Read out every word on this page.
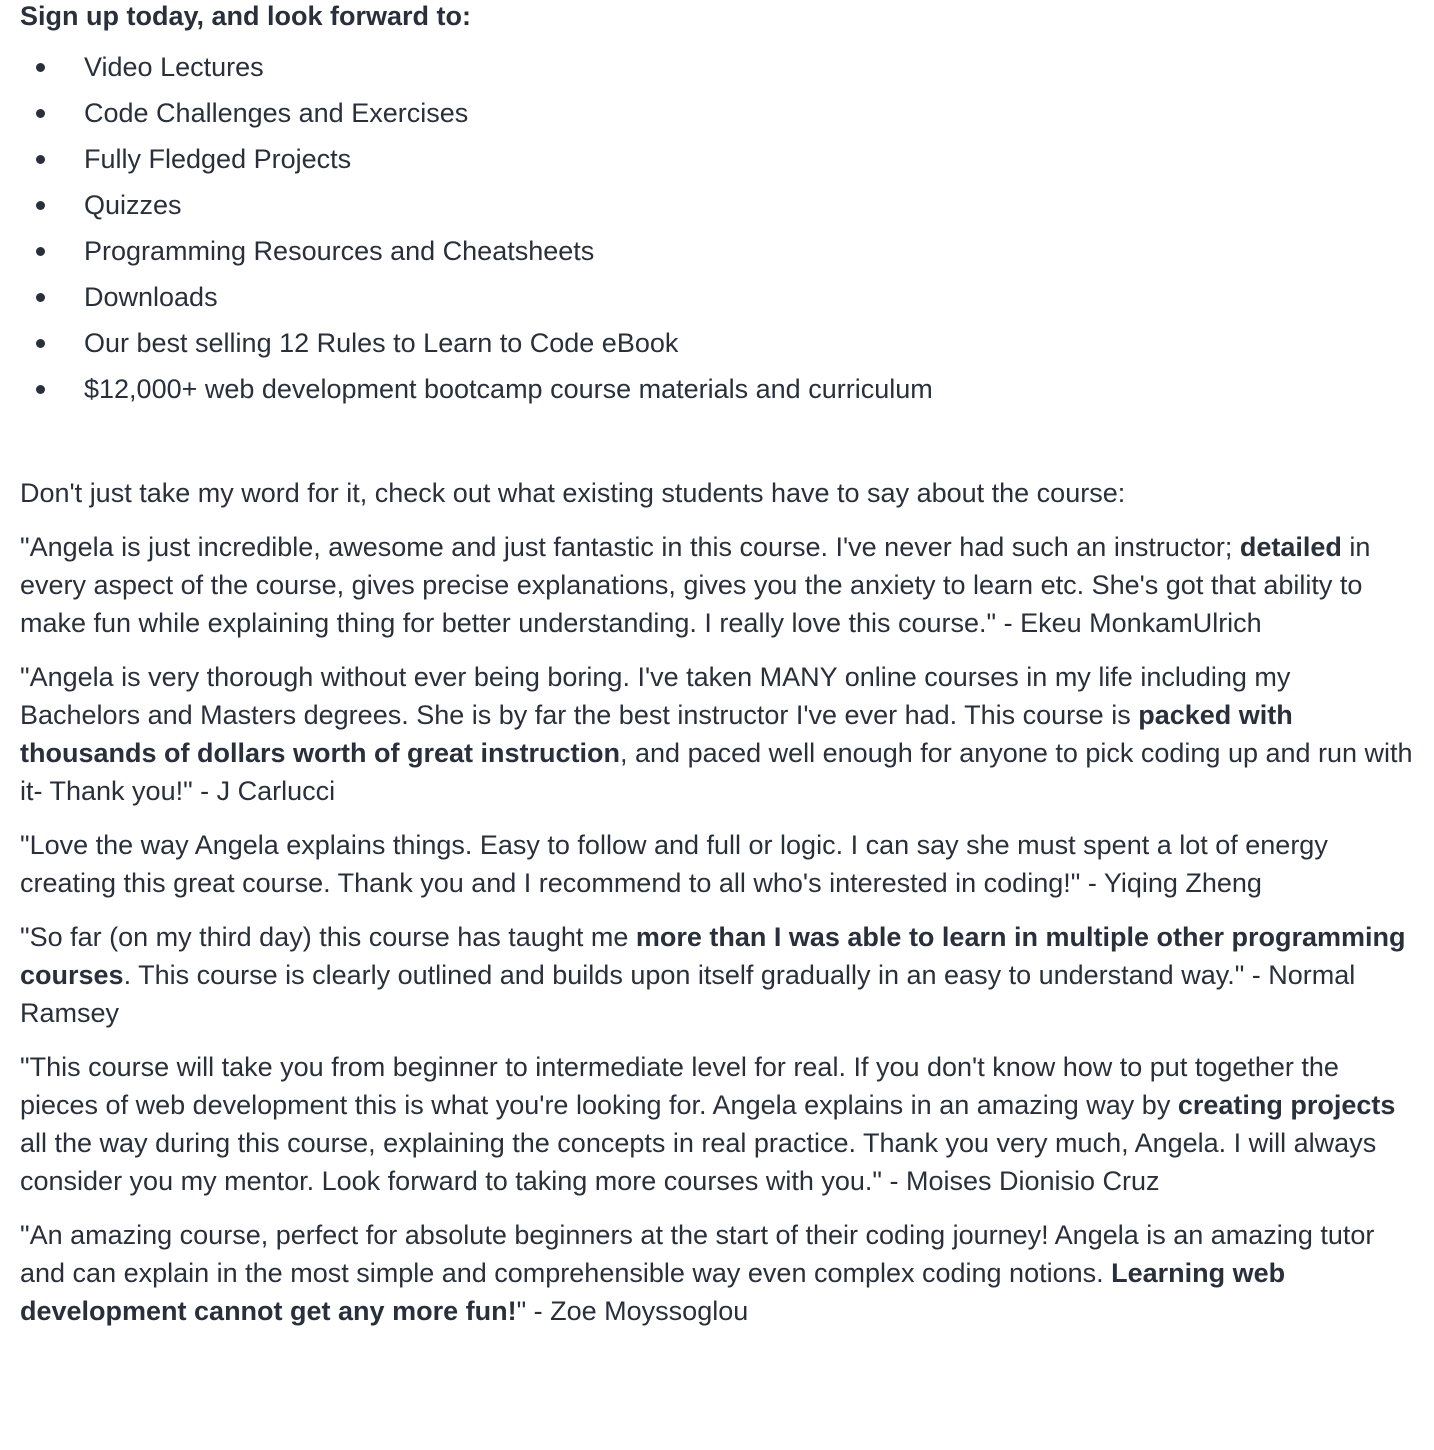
Sign up today, and look forward to:

Video Lectures
Code Challenges and Exercises
Fully Fledged Projects
Quizzes
Programming Resources and Cheatsheets
Downloads
Our best selling 12 Rules to Learn to Code eBook
$12,000+ web development bootcamp course materials and curriculum

Don't just take my word for it, check out what existing students have to say about the course:

"Angela is just incredible, awesome and just fantastic in this course. I've never had such an instructor; detailed in every aspect of the course, gives precise explanations, gives you the anxiety to learn etc. She's got that ability to make fun while explaining thing for better understanding. I really love this course." - Ekeu MonkamUlrich

"Angela is very thorough without ever being boring. I've taken MANY online courses in my life including my Bachelors and Masters degrees. She is by far the best instructor I've ever had. This course is packed with thousands of dollars worth of great instruction, and paced well enough for anyone to pick coding up and run with it- Thank you!" - J Carlucci

"Love the way Angela explains things. Easy to follow and full or logic. I can say she must spent a lot of energy creating this great course. Thank you and I recommend to all who's interested in coding!" - Yiqing Zheng

"So far (on my third day) this course has taught me more than I was able to learn in multiple other programming courses. This course is clearly outlined and builds upon itself gradually in an easy to understand way." - Normal Ramsey

"This course will take you from beginner to intermediate level for real. If you don't know how to put together the pieces of web development this is what you're looking for. Angela explains in an amazing way by creating projects all the way during this course, explaining the concepts in real practice. Thank you very much, Angela. I will always consider you my mentor. Look forward to taking more courses with you." - Moises Dionisio Cruz

"An amazing course, perfect for absolute beginners at the start of their coding journey! Angela is an amazing tutor and can explain in the most simple and comprehensible way even complex coding notions. Learning web development cannot get any more fun!" - Zoe Moyssoglou
